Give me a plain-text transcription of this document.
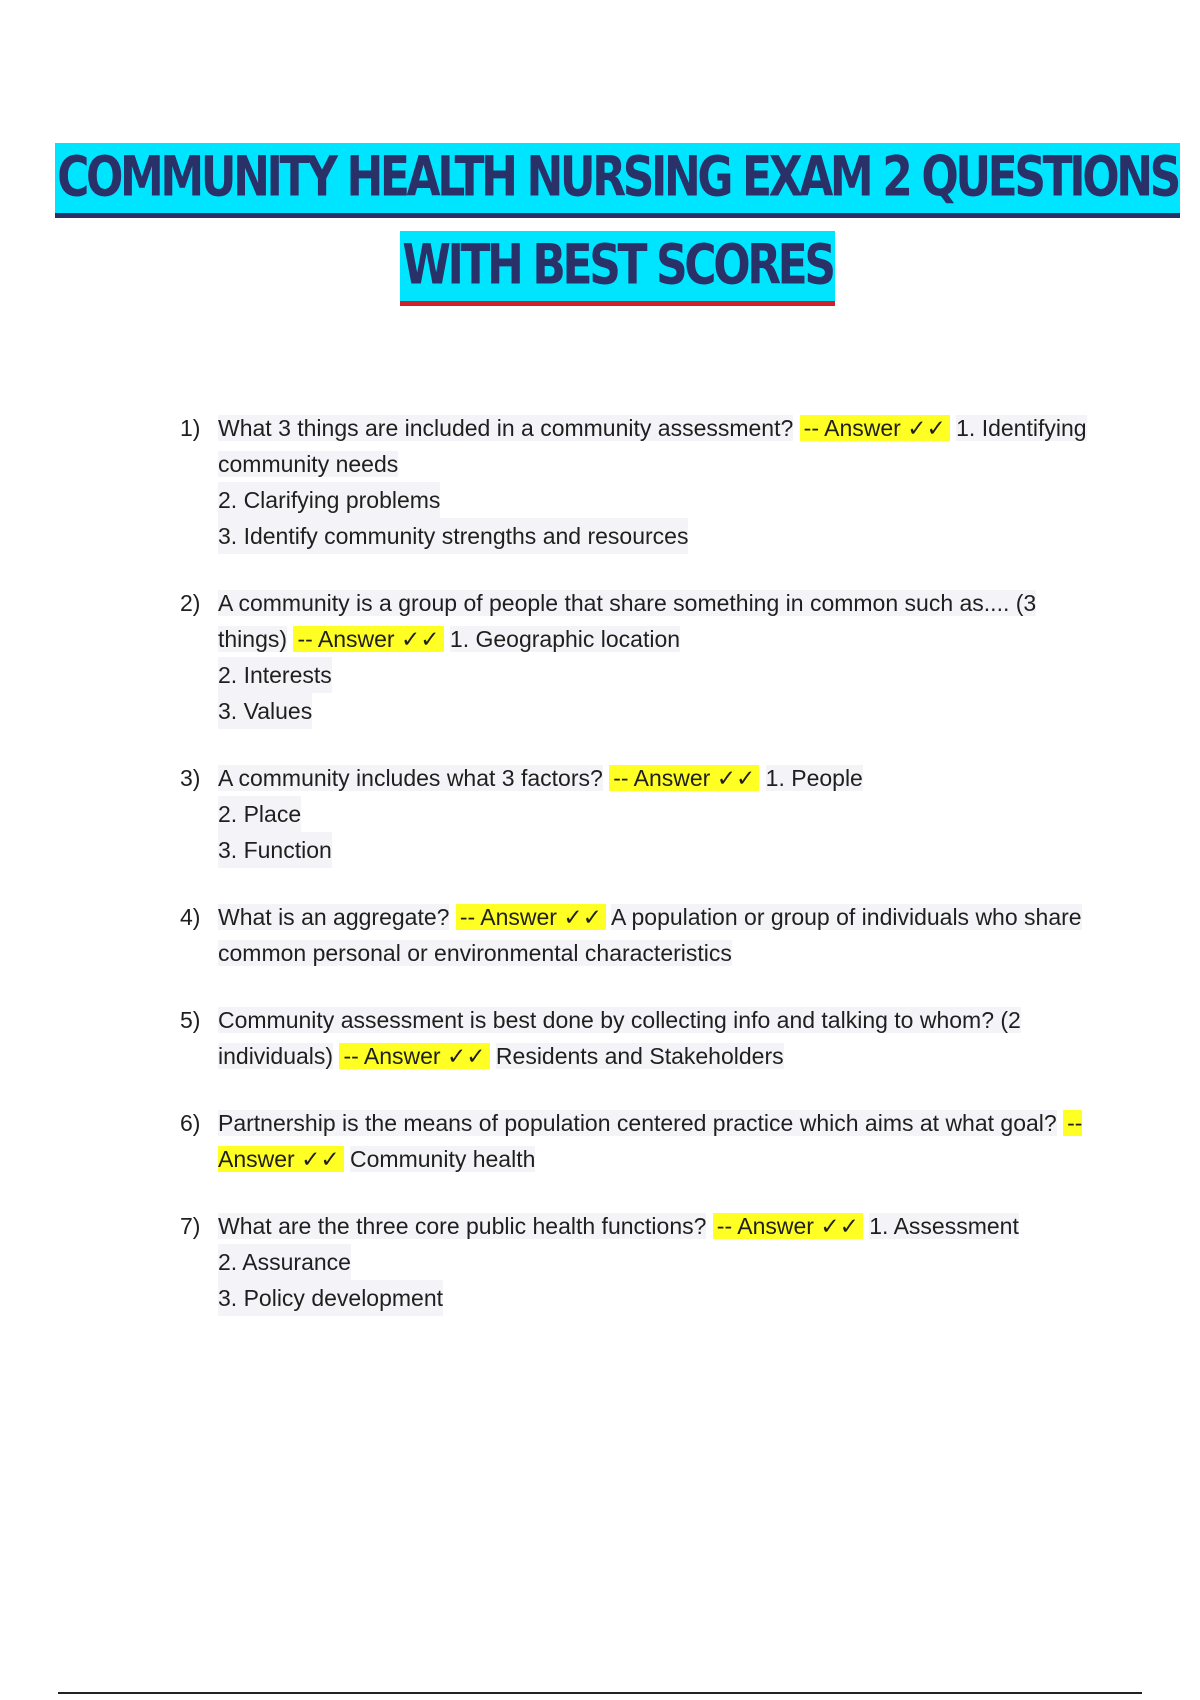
COMMUNITY HEALTH NURSING EXAM 2 QUESTIONS
WITH BEST SCORES
1) What 3 things are included in a community assessment? -- Answer ✓✓ 1. Identifying community needs
2. Clarifying problems
3. Identify community strengths and resources
2) A community is a group of people that share something in common such as.... (3 things) -- Answer ✓✓ 1. Geographic location
2. Interests
3. Values
3) A community includes what 3 factors? -- Answer ✓✓ 1. People
2. Place
3. Function
4) What is an aggregate? -- Answer ✓✓ A population or group of individuals who share common personal or environmental characteristics
5) Community assessment is best done by collecting info and talking to whom? (2 individuals) -- Answer ✓✓ Residents and Stakeholders
6) Partnership is the means of population centered practice which aims at what goal? -- Answer ✓✓ Community health
7) What are the three core public health functions? -- Answer ✓✓ 1. Assessment
2. Assurance
3. Policy development
